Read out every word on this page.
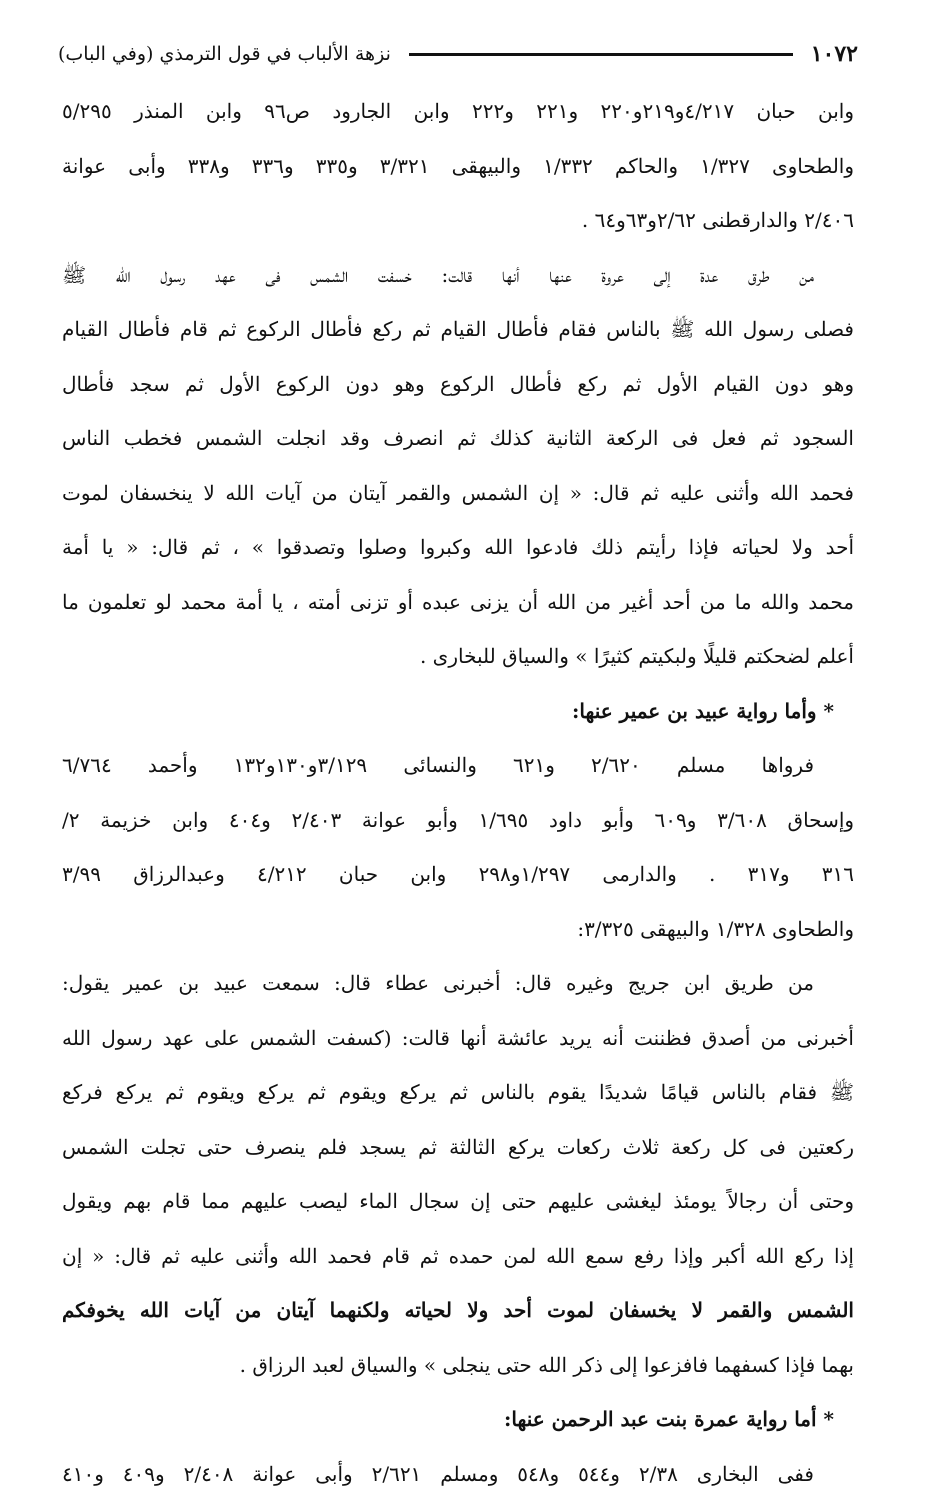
١٠٧٢
نزهة الألباب في قول الترمذي (وفي الباب)
وابن حبان ٤/٢١٧و٢١٩و٢٢٠ و٢٢١ و٢٢٢ وابن الجارود ص٩٦ وابن المنذر ٥/٢٩٥
والطحاوى ١/٣٢٧ والحاكم ١/٣٣٢ والبيهقى ٣/٣٢١ و٣٣٥ و٣٣٦ و٣٣٨ وأبى عوانة
٢/٤٠٦ والدارقطنى ٢/٦٢و٦٣و٦٤ .
من طرق عدة إلى عروة عنها أنها قالت: خسفت الشمس فى عهد رسول الله ﷺ
فصلى رسول الله ﷺ بالناس فقام فأطال القيام ثم ركع فأطال الركوع ثم قام فأطال القيام
وهو دون القيام الأول ثم ركع فأطال الركوع وهو دون الركوع الأول ثم سجد فأطال
السجود ثم فعل فى الركعة الثانية كذلك ثم انصرف وقد انجلت الشمس فخطب الناس
فحمد الله وأثنى عليه ثم قال: « إن الشمس والقمر آيتان من آيات الله لا ينخسفان لموت
أحد ولا لحياته فإذا رأيتم ذلك فادعوا الله وكبروا وصلوا وتصدقوا » ، ثم قال: « يا أمة
محمد والله ما من أحد أغير من الله أن يزنى عبده أو تزنى أمته ، يا أمة محمد لو تعلمون ما
أعلم لضحكتم قليلًا ولبكيتم كثيرًا » والسياق للبخارى .
* وأما رواية عبيد بن عمير عنها:
فرواها مسلم ٢/٦٢٠ و٦٢١ والنسائى ٣/١٢٩و١٣٠و١٣٢ وأحمد ٦/٧٦٤
وإسحاق ٣/٦٠٨ و٦٠٩ وأبو داود ١/٦٩٥ وأبو عوانة ٢/٤٠٣ و٤٠٤ وابن خزيمة ٢/
٣١٦ و٣١٧ . والدارمى ١/٢٩٧و٢٩٨ وابن حبان ٤/٢١٢ وعبدالرزاق ٣/٩٩
والطحاوى ١/٣٢٨ والبيهقى ٣/٣٢٥:
من طريق ابن جريج وغيره قال: أخبرنى عطاء قال: سمعت عبيد بن عمير يقول:
أخبرنى من أصدق فظننت أنه يريد عائشة أنها قالت: (كسفت الشمس على عهد رسول الله
ﷺ فقام بالناس قيامًا شديدًا يقوم بالناس ثم يركع ويقوم ثم يركع ويقوم ثم يركع فركع
ركعتين فى كل ركعة ثلاث ركعات يركع الثالثة ثم يسجد فلم ينصرف حتى تجلت الشمس
وحتى أن رجالاً يومئذ ليغشى عليهم حتى إن سجال الماء ليصب عليهم مما قام بهم ويقول
إذا ركع الله أكبر وإذا رفع سمع الله لمن حمده ثم قام فحمد الله وأثنى عليه ثم قال: « إن
الشمس والقمر لا يخسفان لموت أحد ولا لحياته ولكنهما آيتان من آيات الله يخوفكم
بهما فإذا كسفهما فافزعوا إلى ذكر الله حتى ينجلى » والسياق لعبد الرزاق .
* أما رواية عمرة بنت عبد الرحمن عنها:
ففى البخارى ٢/٣٨ و٥٤٤ و٥٤٨ ومسلم ٢/٦٢١ وأبى عوانة ٢/٤٠٨ و٤٠٩ و٤١٠
